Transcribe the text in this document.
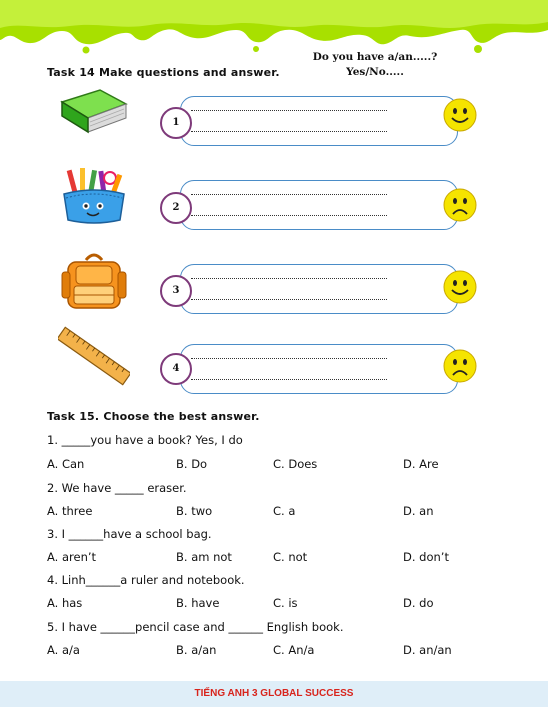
Task 14 Make questions and answer.
Do you have a/an.....?
Yes/No.....
1
2
3
4
Task 15. Choose the best answer.
1. _____you have a book? Yes, I do
A. Can	B. Do	C. Does	D. Are
2. We have _____ eraser.
A. three	B. two	C. a	D. an
3. I ______have a school bag.
A. aren’t	B. am not	C. not	D. don’t
4. Linh______a ruler and notebook.
A. has	B. have	C. is	D. do
5. I have ______pencil case and ______ English book.
A. a/a	B. a/an	C. An/a	D. an/an
TIẾNG ANH 3 GLOBAL SUCCESS
